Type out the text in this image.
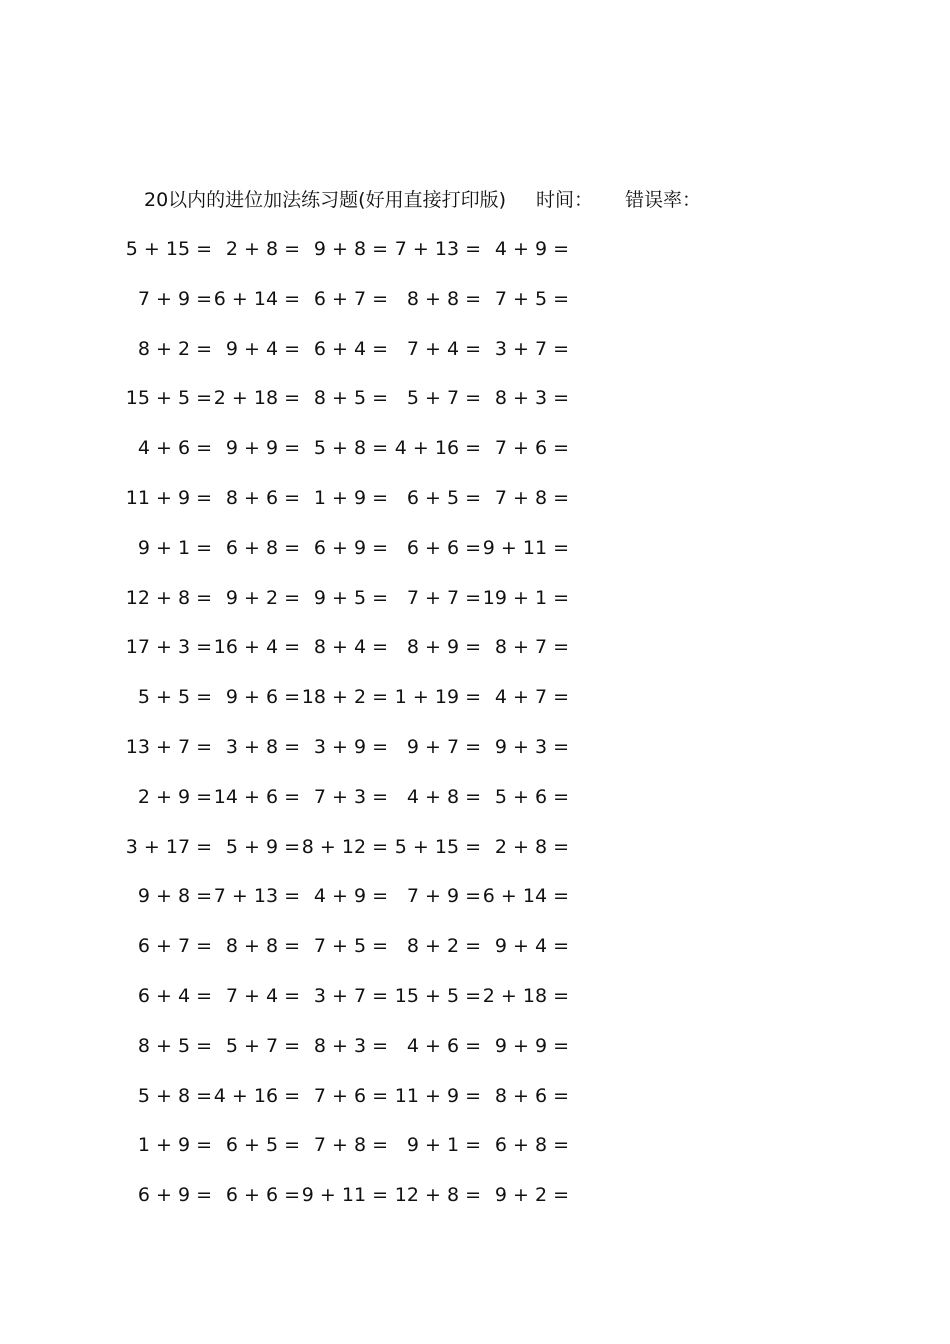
20以内的进位加法练习题(好用直接打印版) 时间： 错误率：
5 + 15 = 2 + 8 = 9 + 8 = 7 + 13 = 4 + 9 =
7 + 9 = 6 + 14 = 6 + 7 = 8 + 8 = 7 + 5 =
8 + 2 = 9 + 4 = 6 + 4 = 7 + 4 = 3 + 7 =
15 + 5 = 2 + 18 = 8 + 5 = 5 + 7 = 8 + 3 =
4 + 6 = 9 + 9 = 5 + 8 = 4 + 16 = 7 + 6 =
11 + 9 = 8 + 6 = 1 + 9 = 6 + 5 = 7 + 8 =
9 + 1 = 6 + 8 = 6 + 9 = 6 + 6 = 9 + 11 =
12 + 8 = 9 + 2 = 9 + 5 = 7 + 7 = 19 + 1 =
17 + 3 = 16 + 4 = 8 + 4 = 8 + 9 = 8 + 7 =
5 + 5 = 9 + 6 = 18 + 2 = 1 + 19 = 4 + 7 =
13 + 7 = 3 + 8 = 3 + 9 = 9 + 7 = 9 + 3 =
2 + 9 = 14 + 6 = 7 + 3 = 4 + 8 = 5 + 6 =
3 + 17 = 5 + 9 = 8 + 12 = 5 + 15 = 2 + 8 =
9 + 8 = 7 + 13 = 4 + 9 = 7 + 9 = 6 + 14 =
6 + 7 = 8 + 8 = 7 + 5 = 8 + 2 = 9 + 4 =
6 + 4 = 7 + 4 = 3 + 7 = 15 + 5 = 2 + 18 =
8 + 5 = 5 + 7 = 8 + 3 = 4 + 6 = 9 + 9 =
5 + 8 = 4 + 16 = 7 + 6 = 11 + 9 = 8 + 6 =
1 + 9 = 6 + 5 = 7 + 8 = 9 + 1 = 6 + 8 =
6 + 9 = 6 + 6 = 9 + 11 = 12 + 8 = 9 + 2 =
